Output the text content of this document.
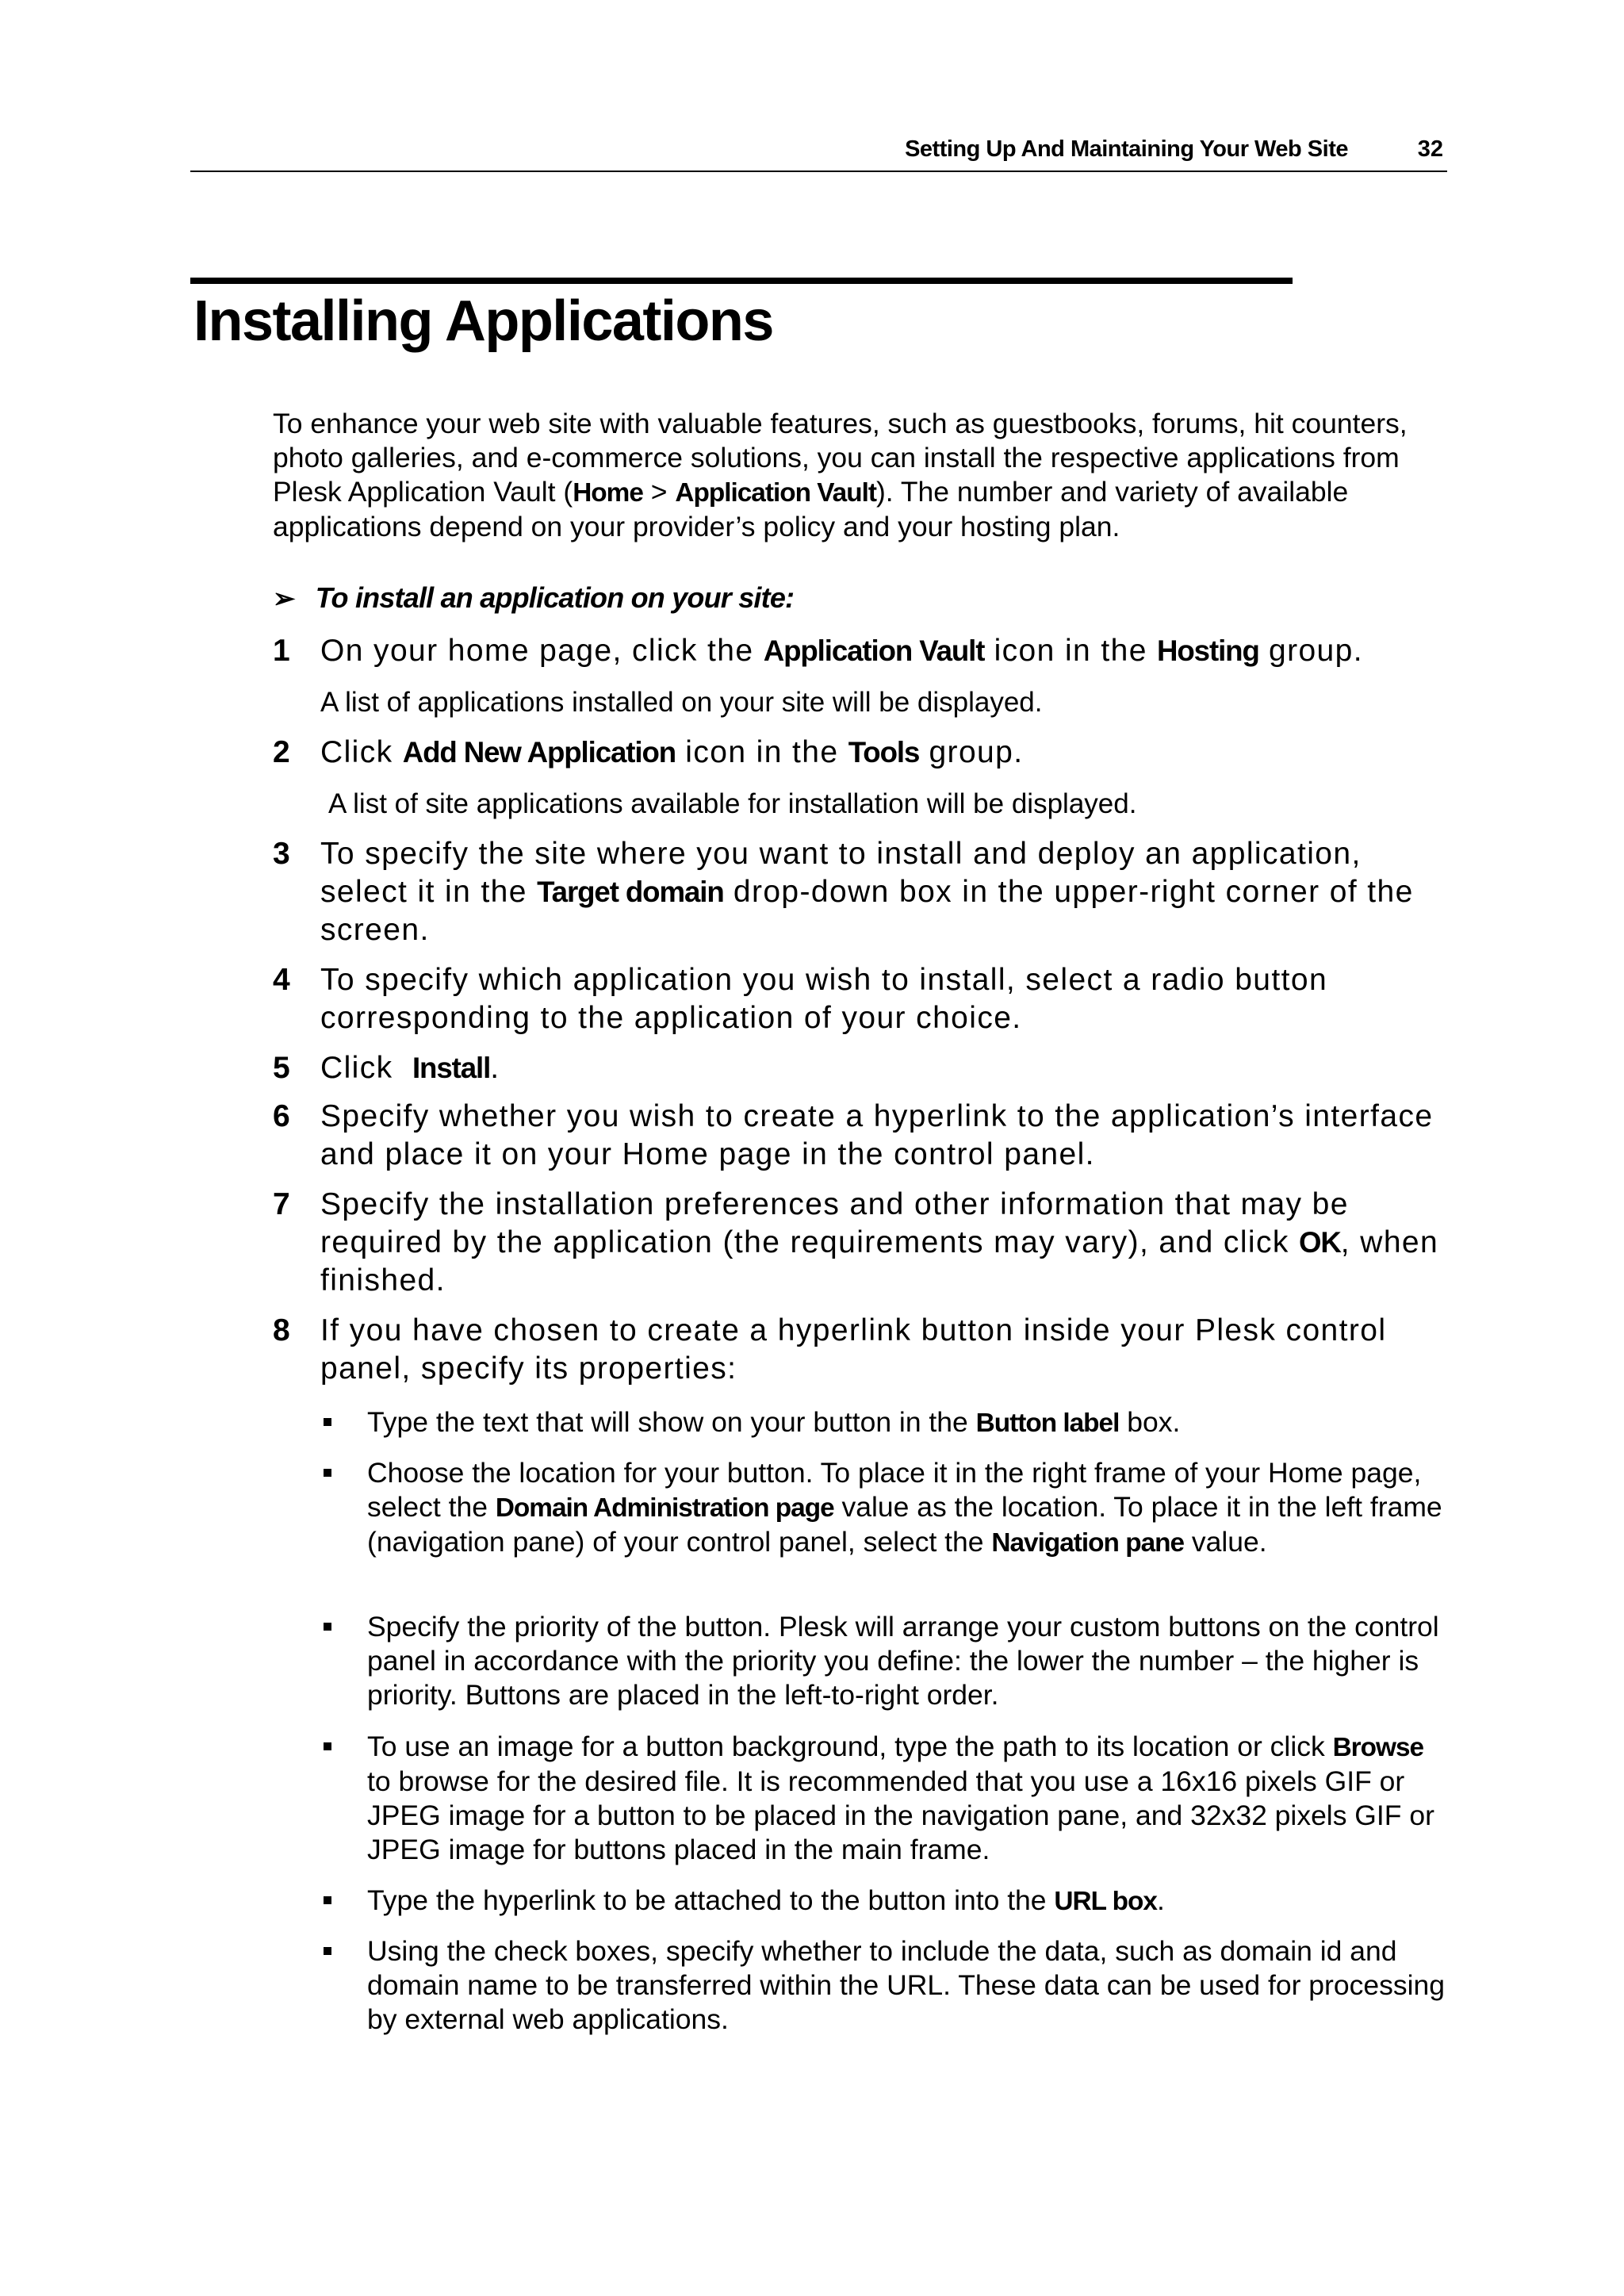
Setting Up And Maintaining Your Web Site	32
Installing Applications

To enhance your web site with valuable features, such as guestbooks, forums, hit counters, photo galleries, and e-commerce solutions, you can install the respective applications from Plesk Application Vault (Home > Application Vault). The number and variety of available applications depend on your provider’s policy and your hosting plan.

➢ To install an application on your site:
1 On your home page, click the Application Vault icon in the Hosting group.
A list of applications installed on your site will be displayed.
2 Click Add New Application icon in the Tools group.
A list of site applications available for installation will be displayed.
3 To specify the site where you want to install and deploy an application, select it in the Target domain drop-down box in the upper-right corner of the screen.
4 To specify which application you wish to install, select a radio button corresponding to the application of your choice.
5 Click  Install.
6 Specify whether you wish to create a hyperlink to the application’s interface and place it on your Home page in the control panel.
7 Specify the installation preferences and other information that may be required by the application (the requirements may vary), and click OK, when finished.
8 If you have chosen to create a hyperlink button inside your Plesk control panel, specify its properties:
Type the text that will show on your button in the Button label box.
Choose the location for your button. To place it in the right frame of your Home page, select the Domain Administration page value as the location. To place it in the left frame (navigation pane) of your control panel, select the Navigation pane value.
Specify the priority of the button. Plesk will arrange your custom buttons on the control panel in accordance with the priority you define: the lower the number – the higher is priority. Buttons are placed in the left-to-right order.
To use an image for a button background, type the path to its location or click Browse to browse for the desired file. It is recommended that you use a 16x16 pixels GIF or JPEG image for a button to be placed in the navigation pane, and 32x32 pixels GIF or JPEG image for buttons placed in the main frame.
Type the hyperlink to be attached to the button into the URL box.
Using the check boxes, specify whether to include the data, such as domain id and domain name to be transferred within the URL. These data can be used for processing by external web applications.
